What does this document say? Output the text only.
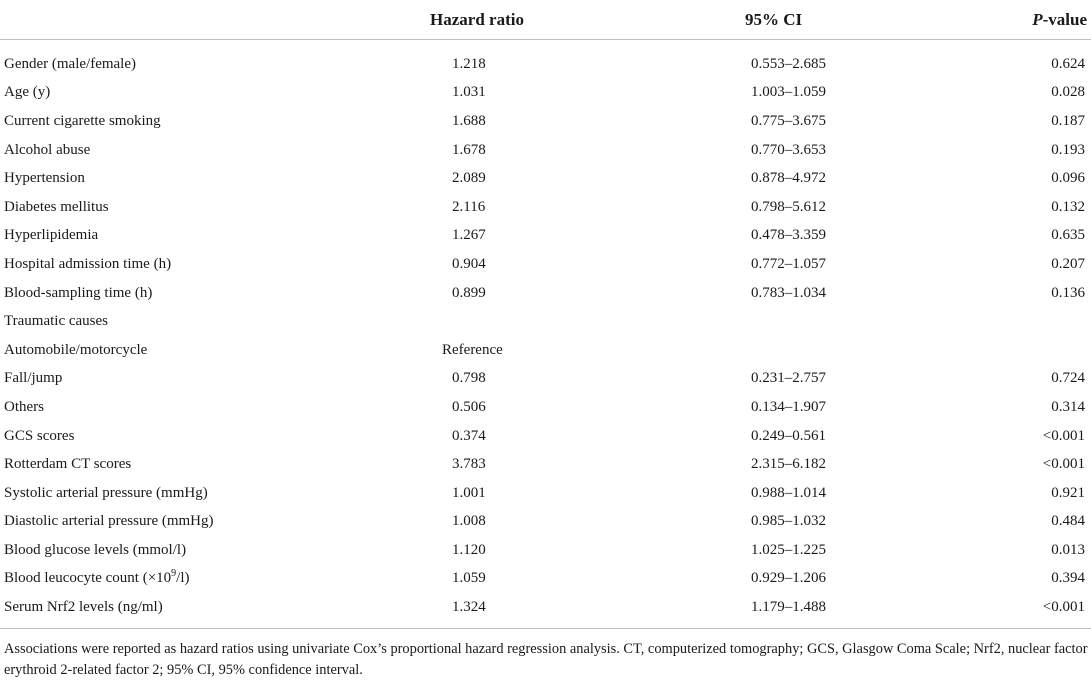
	Hazard ratio	95% CI	P-value
Gender (male/female)	1.218	0.553–2.685	0.624
Age (y)	1.031	1.003–1.059	0.028
Current cigarette smoking	1.688	0.775–3.675	0.187
Alcohol abuse	1.678	0.770–3.653	0.193
Hypertension	2.089	0.878–4.972	0.096
Diabetes mellitus	2.116	0.798–5.612	0.132
Hyperlipidemia	1.267	0.478–3.359	0.635
Hospital admission time (h)	0.904	0.772–1.057	0.207
Blood-sampling time (h)	0.899	0.783–1.034	0.136
Traumatic causes			
Automobile/motorcycle	Reference		
Fall/jump	0.798	0.231–2.757	0.724
Others	0.506	0.134–1.907	0.314
GCS scores	0.374	0.249–0.561	<0.001
Rotterdam CT scores	3.783	2.315–6.182	<0.001
Systolic arterial pressure (mmHg)	1.001	0.988–1.014	0.921
Diastolic arterial pressure (mmHg)	1.008	0.985–1.032	0.484
Blood glucose levels (mmol/l)	1.120	1.025–1.225	0.013
Blood leucocyte count $(\times 10^9/l)$	1.059	0.929–1.206	0.394
Serum Nrf2 levels (ng/ml)	1.324	1.179–1.488	<0.001
Associations were reported as hazard ratios using univariate Cox’s proportional hazard regression analysis. CT, computerized tomography; GCS, Glasgow Coma Scale; Nrf2, nuclear factor erythroid 2-related factor 2; 95% CI, 95% confidence interval.
